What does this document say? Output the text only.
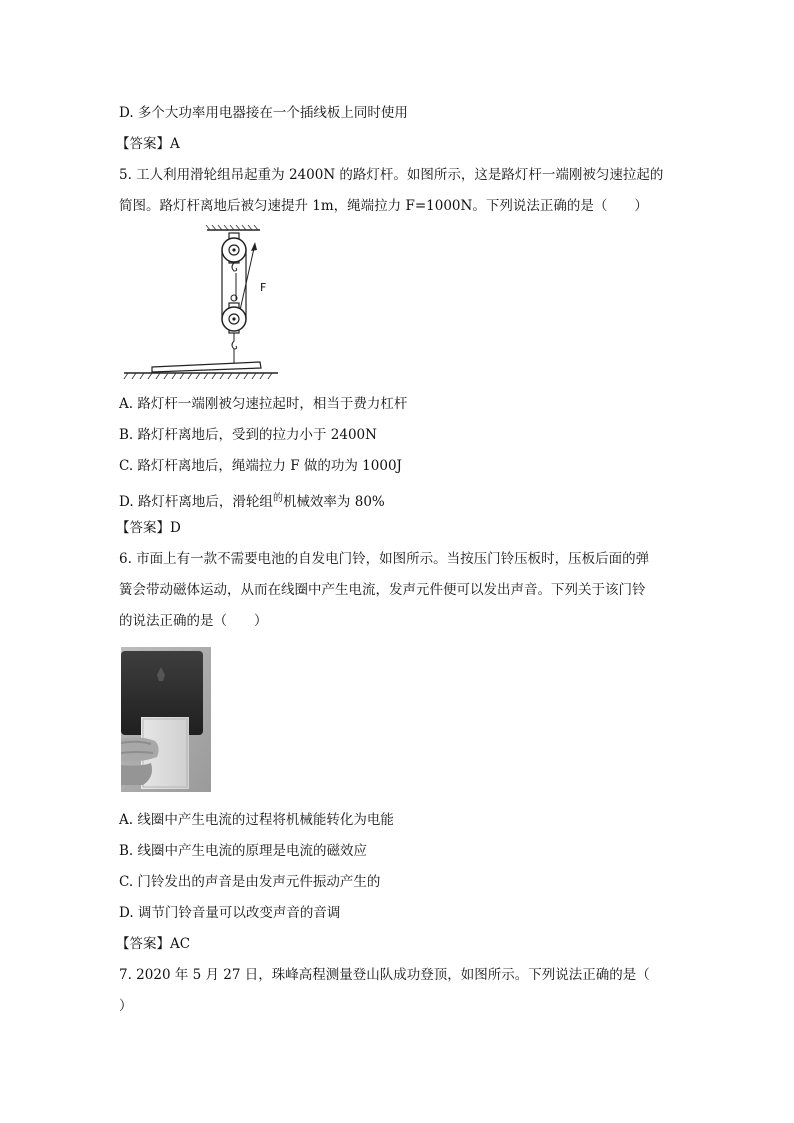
D. 多个大功率用电器接在一个插线板上同时使用
【答案】A
5. 工人利用滑轮组吊起重为 2400N 的路灯杆。如图所示，这是路灯杆一端刚被匀速拉起的
简图。路灯杆离地后被匀速提升 1m，绳端拉力 F=1000N。下列说法正确的是（　　）
F
A. 路灯杆一端刚被匀速拉起时，相当于费力杠杆
B. 路灯杆离地后，受到的拉力小于 2400N
C. 路灯杆离地后，绳端拉力 F 做的功为 1000J
D. 路灯杆离地后，滑轮组$^的$机械效率为 80%
【答案】D
6. 市面上有一款不需要电池的自发电门铃，如图所示。当按压门铃压板时，压板后面的弹
簧会带动磁体运动，从而在线圈中产生电流，发声元件便可以发出声音。下列关于该门铃
的说法正确的是（　　）
A. 线圈中产生电流的过程将机械能转化为电能
B. 线圈中产生电流的原理是电流的磁效应
C. 门铃发出的声音是由发声元件振动产生的
D. 调节门铃音量可以改变声音的音调
【答案】AC
7. 2020 年 5 月 27 日，珠峰高程测量登山队成功登顶，如图所示。下列说法正确的是（
）
